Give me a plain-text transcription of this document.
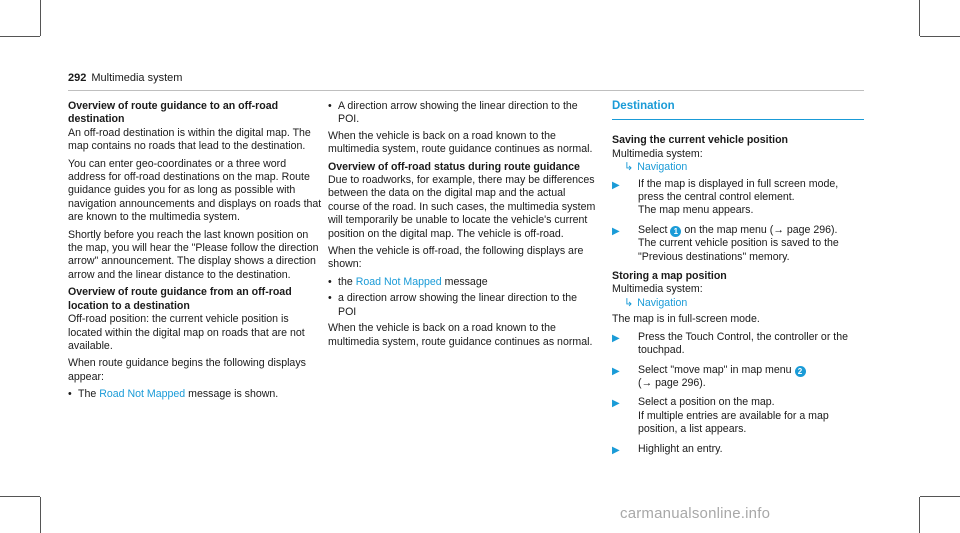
292 Multimedia system

Overview of route guidance to an off-road destination

An off-road destination is within the digital map. The map contains no roads that lead to the destination.

You can enter geo-coordinates or a three word address for off-road destinations on the map. Route guidance guides you for as long as possible with navigation announcements and displays on roads that are known to the multimedia system.

Shortly before you reach the last known position on the map, you will hear the "Please follow the direction arrow" announcement. The display shows a direction arrow and the linear distance to the destination.

Overview of route guidance from an off-road location to a destination

Off-road position: the current vehicle position is located within the digital map on roads that are not available.

When route guidance begins the following displays appear:

• The Road Not Mapped message is shown.
• A direction arrow showing the linear direction to the POI.

When the vehicle is back on a road known to the multimedia system, route guidance continues as normal.

Overview of off-road status during route guidance

Due to roadworks, for example, there may be differences between the data on the digital map and the actual course of the road. In such cases, the multimedia system will temporarily be unable to locate the vehicle's current position on the digital map. The vehicle is off-road.

When the vehicle is off-road, the following displays are shown:

• the Road Not Mapped message
• a direction arrow showing the linear direction to the POI

When the vehicle is back on a road known to the multimedia system, route guidance continues as normal.

Destination

Saving the current vehicle position

Multimedia system:

↳ Navigation
▶	If the map is displayed in full screen mode, press the central control element.
The map menu appears.
▶	Select 1 on the map menu (→ page 296).
The current vehicle position is saved to the "Previous destinations" memory.

Storing a map position

Multimedia system:

↳ Navigation

The map is in full-screen mode.

▶	Press the Touch Control, the controller or the touchpad.
▶	Select "move map" in map menu 2
(→ page 296).
▶	Select a position on the map.
If multiple entries are available for a map position, a list appears.
▶	Highlight an entry.
carmanualsonline.info
